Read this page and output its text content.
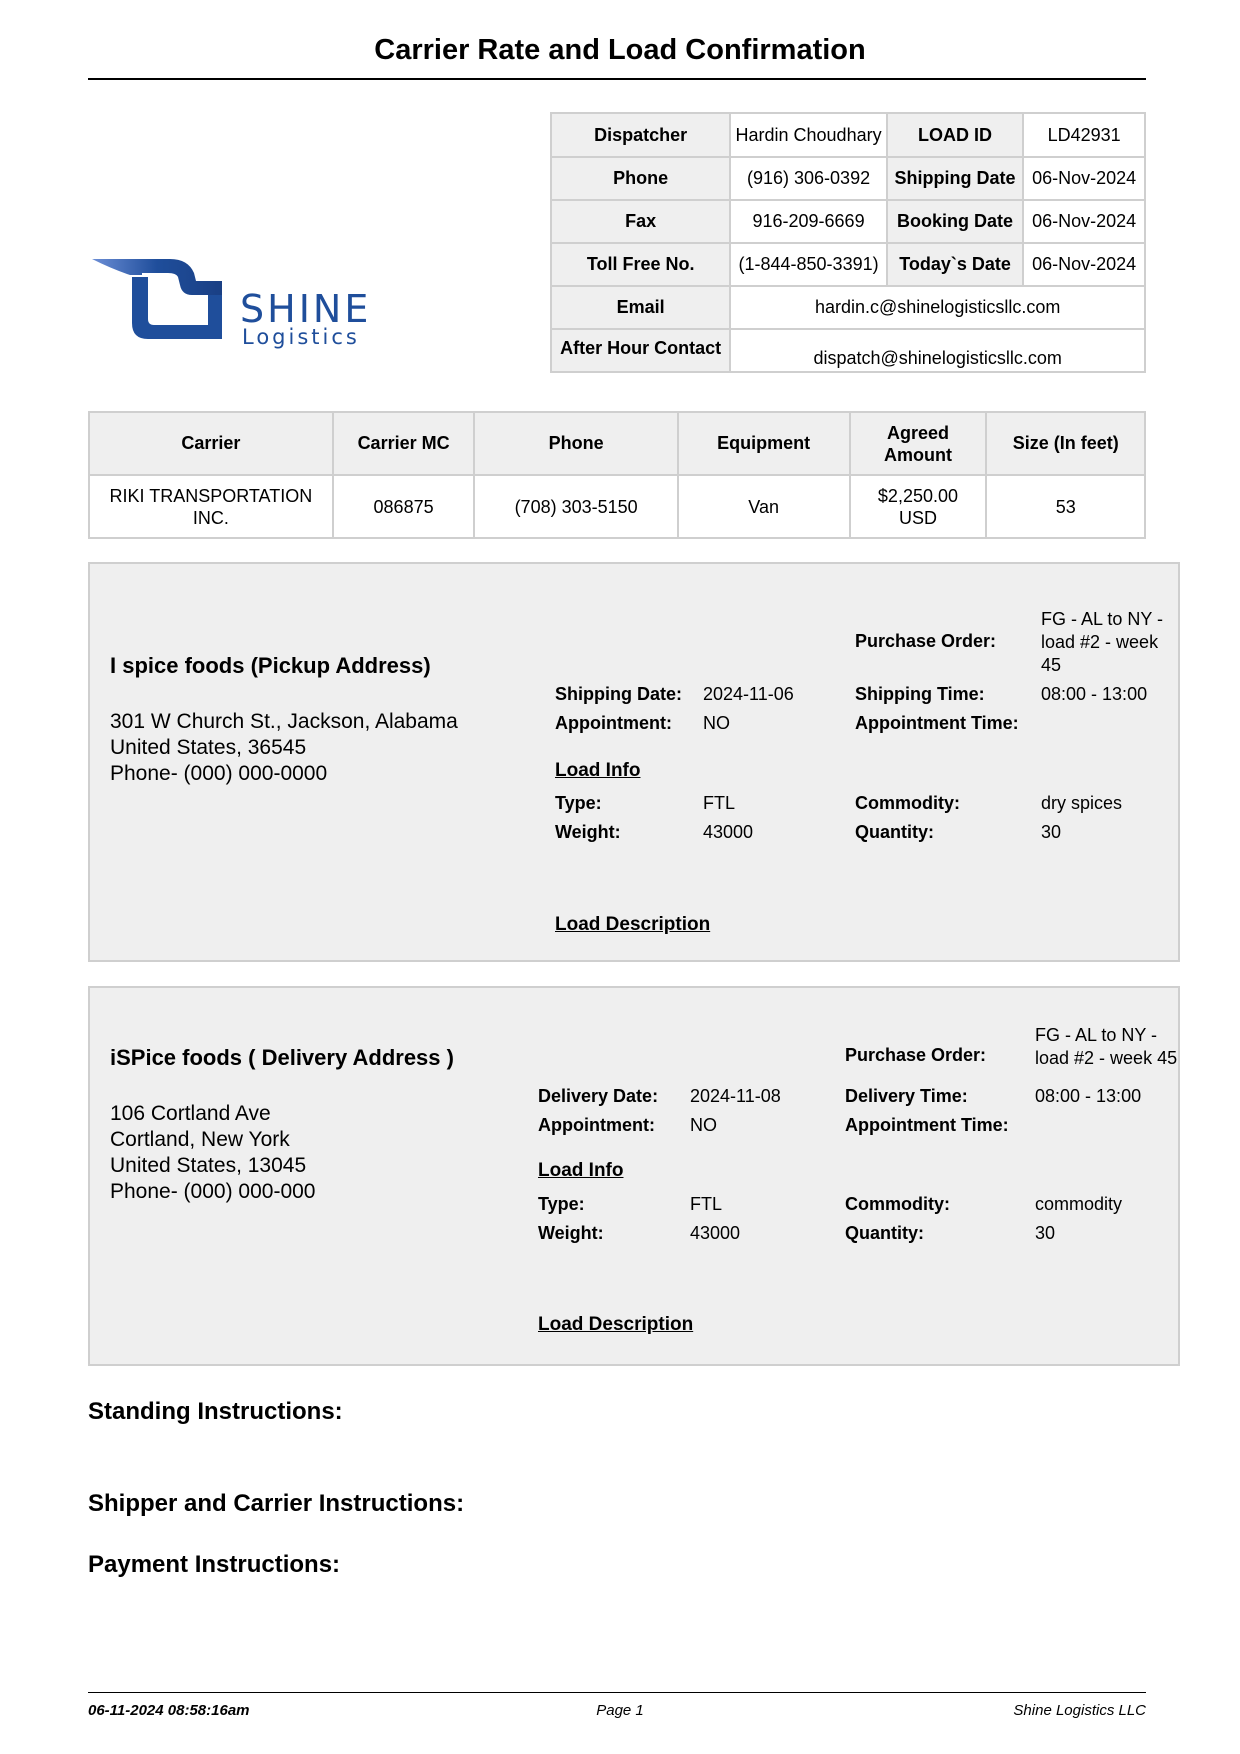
Carrier Rate and Load Confirmation
SHINE
Logistics
Dispatcher	Hardin Choudhary	LOAD ID	LD42931
Phone	(916) 306-0392	Shipping Date	06-Nov-2024
Fax	916-209-6669	Booking Date	06-Nov-2024
Toll Free No.	(1-844-850-3391)	Today`s Date	06-Nov-2024
Email	hardin.c@shinelogisticsllc.com		
After Hour Contact	dispatch@shinelogisticsllc.com		
Carrier	Carrier MC	Phone	Equipment	Agreed Amount	Size (In feet)
RIKI TRANSPORTATION INC.	086875	(708) 303-5150	Van	$2,250.00 USD	53
I spice foods (Pickup Address)
301 W Church St., Jackson, Alabama
United States, 36545
Phone- (000) 000-0000
Purchase Order:
FG - AL to NY - load #2 - week 45
Shipping Date: 2024-11-06	Shipping Time:	08:00 - 13:00
Appointment: NO	Appointment Time:
Load Info
Type:	FTL	Commodity:	dry spices
Weight:	43000	Quantity:	30
Load Description
iSPice foods ( Delivery Address )
106 Cortland Ave
Cortland, New York
United States, 13045
Phone- (000) 000-000
Purchase Order:
FG - AL to NY - load #2 - week 45
Delivery Date: 2024-11-08	Delivery Time:	08:00 - 13:00
Appointment: NO	Appointment Time:
Load Info
Type:	FTL	Commodity:	commodity
Weight:	43000	Quantity:	30
Load Description
Standing Instructions:
Shipper and Carrier Instructions:
Payment Instructions:
06-11-2024 08:58:16am	Page 1	Shine Logistics LLC
